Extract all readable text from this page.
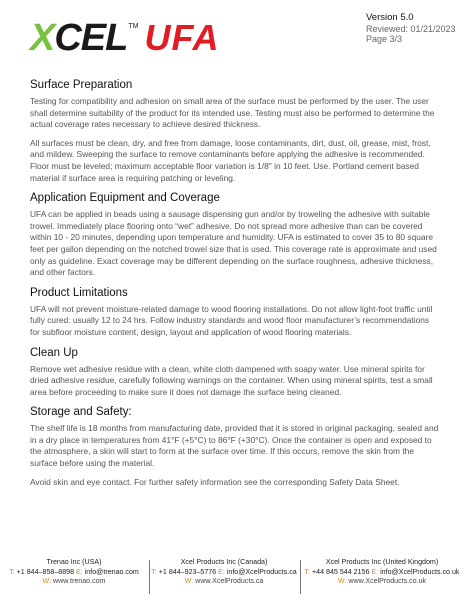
X CEL TM UFA	Version 5.0
Reviewed: 01/21/2023
Page 3/3
Surface Preparation

Testing for compatibility and adhesion on small area of the surface must be performed by the user. The user shall determine suitability of the product for its intended use. Testing must also be performed to determine the actual coverage rates necessary to achieve desired thickness.

All surfaces must be clean, dry, and free from damage, loose contaminants, dirt, dust, oil, grease, mist, frost, and mildew. Sweeping the surface to remove contaminants before applying the adhesive is recommended. Floor must be leveled; maximum acceptable floor variation is 1/8" in 10 feet. Use. Portland cement based material if surface area is requiring patching or leveling.

Application Equipment and Coverage

UFA can be applied in beads using a sausage dispensing gun and/or by troweling the adhesive with suitable trowel. Immediately place flooring onto “wet” adhesive. Do not spread more adhesive than can be covered within 10 - 20 minutes, depending upon temperature and humidity. UFA is estimated to cover 35 to 80 square feet per gallon depending on the notched trowel size that is used. This coverage rate is approximate and used only as guideline. Exact coverage may be different depending on the surface roughness, adhesive thickness, and other factors.

Product Limitations

UFA will not prevent moisture-related damage to wood flooring installations. Do not allow light-foot traffic until fully cured: usually 12 to 24 hrs. Follow industry standards and wood floor manufacturer’s recommendations for subfloor moisture content, design, layout and application of wood flooring materials.

Clean Up

Remove wet adhesive residue with a clean, white cloth dampened with soapy water. Use mineral spirits for dried adhesive residue, carefully following warnings on the container. When using mineral spirits, test a small area before proceeding to make sure it does not damage the surface being cleaned.

Storage and Safety:

The shelf life is 18 months from manufacturing date, provided that it is stored in original packaging, sealed and in a dry place in temperatures from 41°F (+5°C) to 86°F (+30°C). Once the container is open and exposed to the atmosphere, a skin will start to form at the surface over time. If this occurs, remove the skin from the surface before using the material.

Avoid skin and eye contact. For further safety information see the corresponding Safety Data Sheet.

Trenao Inc (USA)
T: +1 844–858–8898 E: info@trenao.com
W: www.trenao.com
Xcel Products Inc (Canada)
T: +1 844–923–5776 E: info@XcelProducts.ca
W: www.XcelProducts.ca
Xcel Products Inc (United Kingdom)
T: +44 845 544 2156 E: info@XcelProducts.co.uk
W: www.XcelProducts.co.uk
